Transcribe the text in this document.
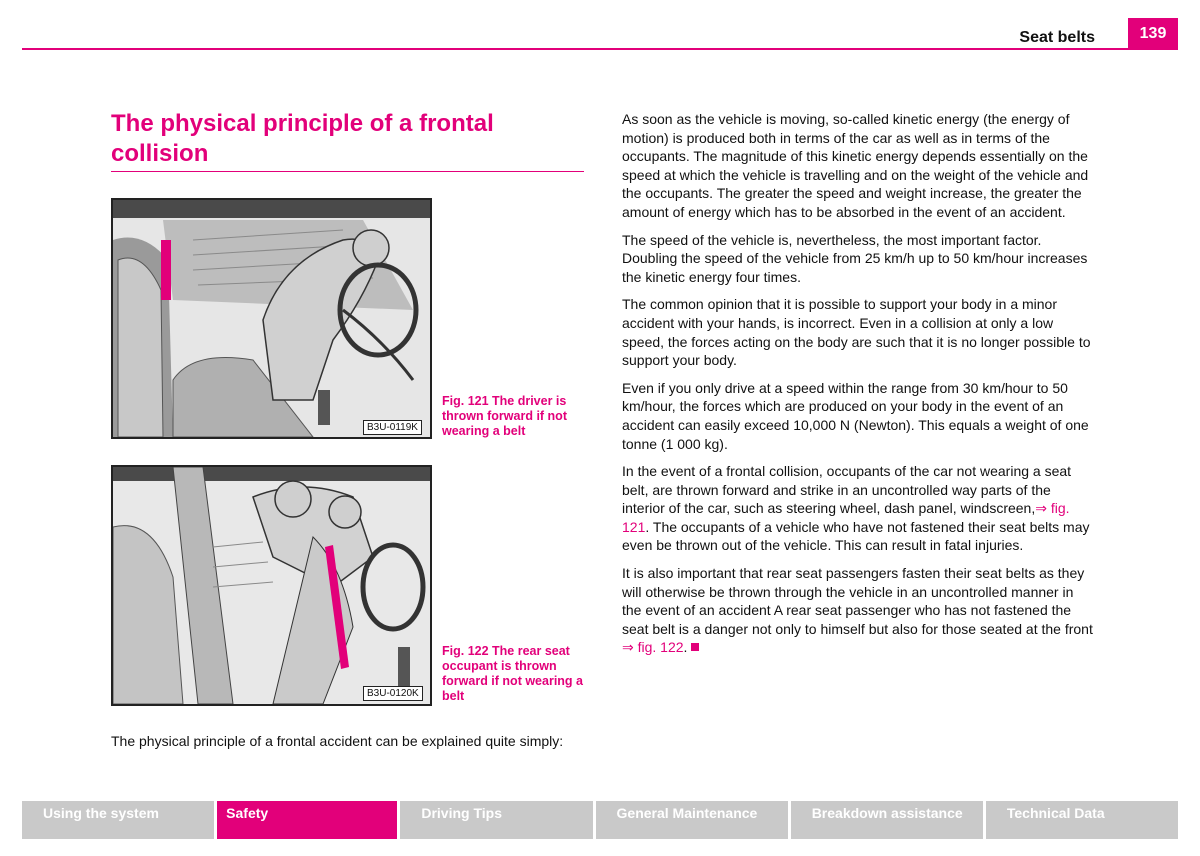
Seat belts	139
The physical principle of a frontal collision
B3U-0119K
Fig. 121 The driver is thrown forward if not wearing a belt
B3U-0120K
Fig. 122 The rear seat occupant is thrown forward if not wearing a belt
The physical principle of a frontal accident can be explained quite simply:

As soon as the vehicle is moving, so-called kinetic energy (the energy of motion) is produced both in terms of the car as well as in terms of the occupants. The magnitude of this kinetic energy depends essentially on the speed at which the vehicle is travelling and on the weight of the vehicle and the occupants. The greater the speed and weight increase, the greater the amount of energy which has to be absorbed in the event of an accident.

The speed of the vehicle is, nevertheless, the most important factor. Doubling the speed of the vehicle from 25 km/h up to 50 km/hour increases the kinetic energy four times.

The common opinion that it is possible to support your body in a minor accident with your hands, is incorrect. Even in a collision at only a low speed, the forces acting on the body are such that it is no longer possible to support your body.

Even if you only drive at a speed within the range from 30 km/hour to 50 km/hour, the forces which are produced on your body in the event of an accident can easily exceed 10,000 N (Newton). This equals a weight of one tonne (1 000 kg).

In the event of a frontal collision, occupants of the car not wearing a seat belt, are thrown forward and strike in an uncontrolled way parts of the interior of the car, such as steering wheel, dash panel, windscreen,⇒ fig. 121. The occupants of a vehicle who have not fastened their seat belts may even be thrown out of the vehicle. This can result in fatal injuries.

It is also important that rear seat passengers fasten their seat belts as they will otherwise be thrown through the vehicle in an uncontrolled manner in the event of an accident A rear seat passenger who has not fastened the seat belt is a danger not only to himself but also for those seated at the front ⇒ fig. 122.

Using the system	Safety	Driving Tips	General Maintenance	Breakdown assistance	Technical Data
